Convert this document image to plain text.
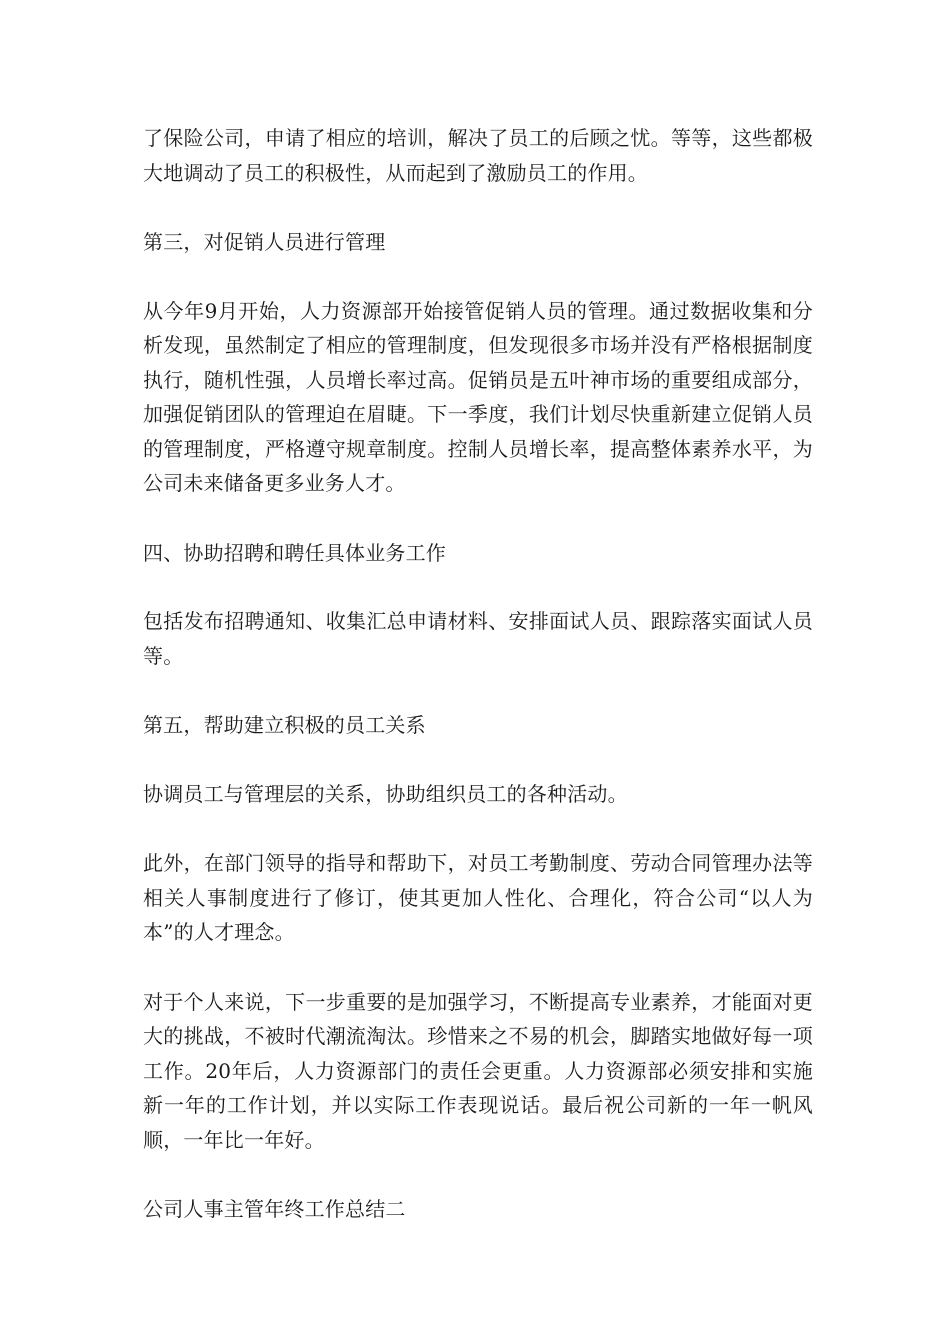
了保险公司，申请了相应的培训，解决了员工的后顾之忧。等等，这些都极大地调动了员工的积极性，从而起到了激励员工的作用。

第三，对促销人员进行管理

从今年9月开始，人力资源部开始接管促销人员的管理。通过数据收集和分析发现，虽然制定了相应的管理制度，但发现很多市场并没有严格根据制度执行，随机性强，人员增长率过高。促销员是五叶神市场的重要组成部分，加强促销团队的管理迫在眉睫。下一季度，我们计划尽快重新建立促销人员的管理制度，严格遵守规章制度。控制人员增长率，提高整体素养水平，为公司未来储备更多业务人才。

四、协助招聘和聘任具体业务工作

包括发布招聘通知、收集汇总申请材料、安排面试人员、跟踪落实面试人员等。

第五，帮助建立积极的员工关系

协调员工与管理层的关系，协助组织员工的各种活动。

此外，在部门领导的指导和帮助下，对员工考勤制度、劳动合同管理办法等相关人事制度进行了修订，使其更加人性化、合理化，符合公司“以人为本”的人才理念。

对于个人来说，下一步重要的是加强学习，不断提高专业素养，才能面对更大的挑战，不被时代潮流淘汰。珍惜来之不易的机会，脚踏实地做好每一项工作。20年后，人力资源部门的责任会更重。人力资源部必须安排和实施新一年的工作计划，并以实际工作表现说话。最后祝公司新的一年一帆风顺，一年比一年好。

公司人事主管年终工作总结二
